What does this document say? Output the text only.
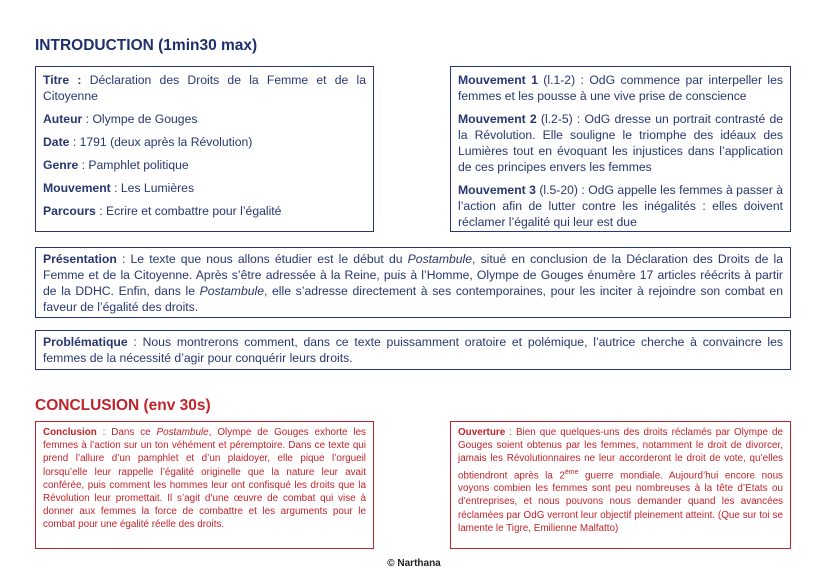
INTRODUCTION (1min30 max)

Titre : Déclaration des Droits de la Femme et de la Citoyenne

Auteur : Olympe de Gouges

Date : 1791 (deux après la Révolution)

Genre : Pamphlet politique

Mouvement : Les Lumières

Parcours : Ecrire et combattre pour l’égalité

Mouvement 1 (l.1-2) : OdG commence par interpeller les femmes et les pousse à une vive prise de conscience

Mouvement 2 (l.2-5) : OdG dresse un portrait contrasté de la Révolution. Elle souligne le triomphe des idéaux des Lumières tout en évoquant les injustices dans l’application de ces principes envers les femmes

Mouvement 3 (l.5-20) : OdG appelle les femmes à passer à l’action afin de lutter contre les inégalités : elles doivent réclamer l’égalité qui leur est due

Présentation : Le texte que nous allons étudier est le début du Postambule, situé en conclusion de la Déclaration des Droits de la Femme et de la Citoyenne. Après s’être adressée à la Reine, puis à l’Homme, Olympe de Gouges énumère 17 articles réécrits à partir de la DDHC. Enfin, dans le Postambule, elle s’adresse directement à ses contemporaines, pour les inciter à rejoindre son combat en faveur de l’égalité des droits.
Problématique : Nous montrerons comment, dans ce texte puissamment oratoire et polémique, l’autrice cherche à convaincre les femmes de la nécessité d’agir pour conquérir leurs droits.
CONCLUSION (env 30s)
Conclusion : Dans ce Postambule, Olympe de Gouges exhorte les femmes à l’action sur un ton véhément et péremptoire. Dans ce texte qui prend l’allure d’un pamphlet et d’un plaidoyer, elle pique l’orgueil lorsqu’elle leur rappelle l’égalité originelle que la nature leur avait conférée, puis comment les hommes leur ont confisqué les droits que la Révolution leur promettait. Il s’agit d’une œuvre de combat qui vise à donner aux femmes la force de combattre et les arguments pour le combat pour une égalité réelle des droits.
Ouverture : Bien que quelques-uns des droits réclamés par Olympe de Gouges soient obtenus par les femmes, notamment le droit de divorcer, jamais les Révolutionnaires ne leur accorderont le droit de vote, qu’elles obtiendront après la 2ème guerre mondiale. Aujourd’hui encore nous voyons combien les femmes sont peu nombreuses à la tête d’Etats ou d’entreprises, et nous pouvons nous demander quand les avancées réclamées par OdG verront leur objectif pleinement atteint. (Que sur toi se lamente le Tigre, Emilienne Malfatto)
© Narthana
